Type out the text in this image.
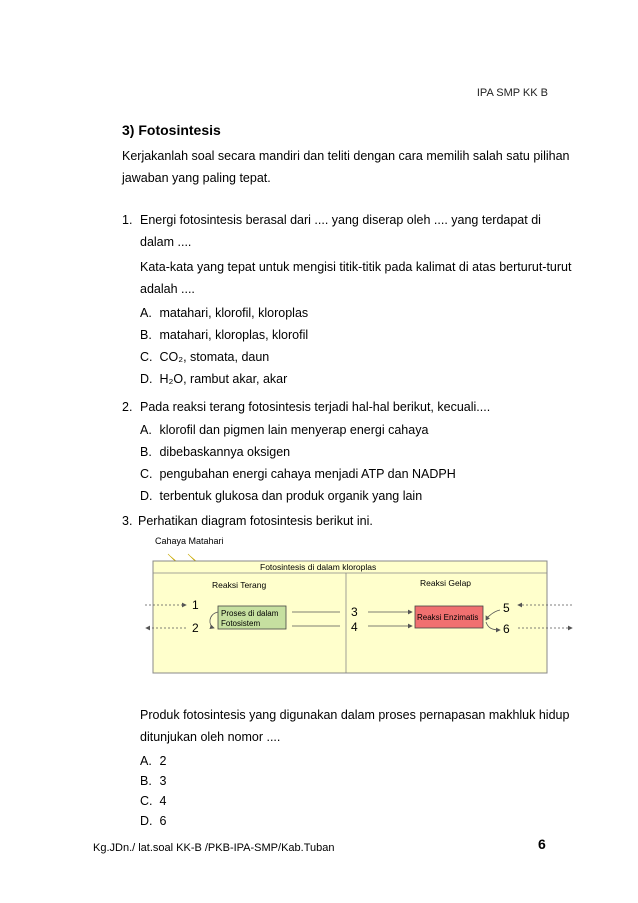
IPA SMP KK B
3) Fotosintesis
Kerjakanlah soal secara mandiri dan teliti dengan cara memilih salah satu pilihan
jawaban yang paling tepat.
1. Energi fotosintesis berasal dari .... yang diserap oleh .... yang terdapat di
dalam ....
Kata-kata yang tepat untuk mengisi titik-titik pada kalimat di atas berturut-turut
adalah ....
A. matahari, klorofil, kloroplas
B. matahari, kloroplas, klorofil
C. CO₂, stomata, daun
D. H₂O, rambut akar, akar
2. Pada reaksi terang fotosintesis terjadi hal-hal berikut, kecuali....
A. klorofil dan pigmen lain menyerap energi cahaya
B. dibebaskannya oksigen
C. pengubahan energi cahaya menjadi ATP dan NADPH
D. terbentuk glukosa dan produk organik yang lain
3. Perhatikan diagram fotosintesis berikut ini.
Cahaya Matahari
Fotosintesis di dalam kloroplas
Reaksi Terang	Reaksi Gelap
Proses di dalam
Fotosistem
Reaksi Enzimatis
1
2
3
4
5
6
Produk fotosintesis yang digunakan dalam proses pernapasan makhluk hidup
ditunjukan oleh nomor ....
A. 2
B. 3
C. 4
D. 6
Kg.JDn./ lat.soal KK-B /PKB-IPA-SMP/Kab.Tuban	6
